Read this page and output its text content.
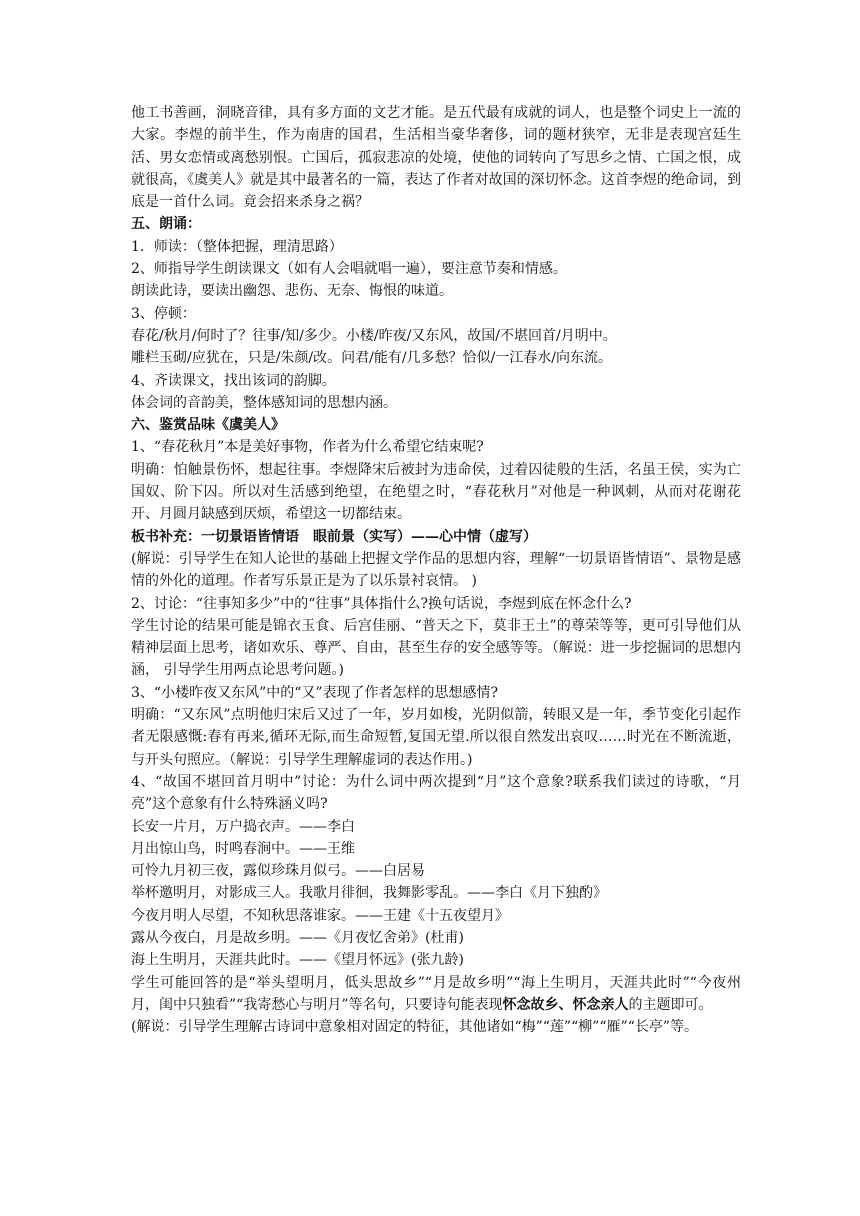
他工书善画，洞晓音律，具有多方面的文艺才能。是五代最有成就的词人，也是整个词史上一流的大家。李煜的前半生，作为南唐的国君，生活相当豪华奢侈，词的题材狭窄，无非是表现宫廷生活、男女恋情或离愁别恨。亡国后，孤寂悲凉的处境，使他的词转向了写思乡之情、亡国之恨，成就很高，《虞美人》就是其中最著名的一篇，表达了作者对故国的深切怀念。这首李煜的绝命词，到底是一首什么词。竟会招来杀身之祸？

五、朗诵：

1．师读：（整体把握，理清思路）

2、师指导学生朗读课文（如有人会唱就唱一遍），要注意节奏和情感。

朗读此诗，要读出幽怨、悲伤、无奈、悔恨的味道。

3、停顿：

春花/秋月/何时了？往事/知/多少。小楼/昨夜/又东风，故国/不堪回首/月明中。

雕栏玉砌/应犹在，只是/朱颜/改。问君/能有/几多愁？恰似/一江春水/向东流。

4、齐读课文，找出该词的韵脚。

体会词的音韵美，整体感知词的思想内涵。

六、鉴赏品味《虞美人》

1、“春花秋月”本是美好事物，作者为什么希望它结束呢?

明确：怕触景伤怀，想起往事。李煜降宋后被封为违命侯，过着囚徒般的生活，名虽王侯，实为亡国奴、阶下囚。所以对生活感到绝望，在绝望之时，“春花秋月”对他是一种讽刺，从而对花谢花开、月圆月缺感到厌烦，希望这一切都结束。

板书补充：一切景语皆情语　眼前景（实写）——心中情（虚写）

(解说：引导学生在知人论世的基础上把握文学作品的思想内容，理解“一切景语皆情语”、景物是感情的外化的道理。作者写乐景正是为了以乐景衬哀情。 )

2、讨论：“往事知多少”中的“往事”具体指什么?换句话说，李煜到底在怀念什么?

学生讨论的结果可能是锦衣玉食、后宫佳丽、“普天之下，莫非王土”的尊荣等等，更可引导他们从精神层面上思考，诸如欢乐、尊严、自由，甚至生存的安全感等等。（解说：进一步挖掘词的思想内涵， 引导学生用两点论思考问题。)

3、“小楼昨夜又东风”中的“又”表现了作者怎样的思想感情?

明确：“又东风”点明他归宋后又过了一年，岁月如梭，光阴似箭，转眼又是一年，季节变化引起作者无限感慨:春有再来,循环无际,而生命短暂,复国无望.所以很自然发出哀叹……时光在不断流逝，与开头句照应。（解说：引导学生理解虚词的表达作用。)

4、“故国不堪回首月明中”讨论：为什么词中两次提到“月”这个意象?联系我们读过的诗歌，“月亮”这个意象有什么特殊涵义吗?

长安一片月，万户捣衣声。——李白

月出惊山鸟，时鸣春涧中。——王维

可怜九月初三夜，露似珍珠月似弓。——白居易

举杯邀明月，对影成三人。我歌月徘徊，我舞影零乱。——李白《月下独酌》

今夜月明人尽望，不知秋思落谁家。——王建《十五夜望月》

露从今夜白，月是故乡明。——《月夜忆舍弟》(杜甫)

海上生明月，天涯共此时。——《望月怀远》(张九龄)

学生可能回答的是“举头望明月，低头思故乡”“月是故乡明”“海上生明月，天涯共此时”“今夜州月，闺中只独看”“我寄愁心与明月”等名句，只要诗句能表现怀念故乡、怀念亲人的主题即可。

(解说：引导学生理解古诗词中意象相对固定的特征，其他诸如“梅”“莲”“柳”“雁”“长亭”等。
